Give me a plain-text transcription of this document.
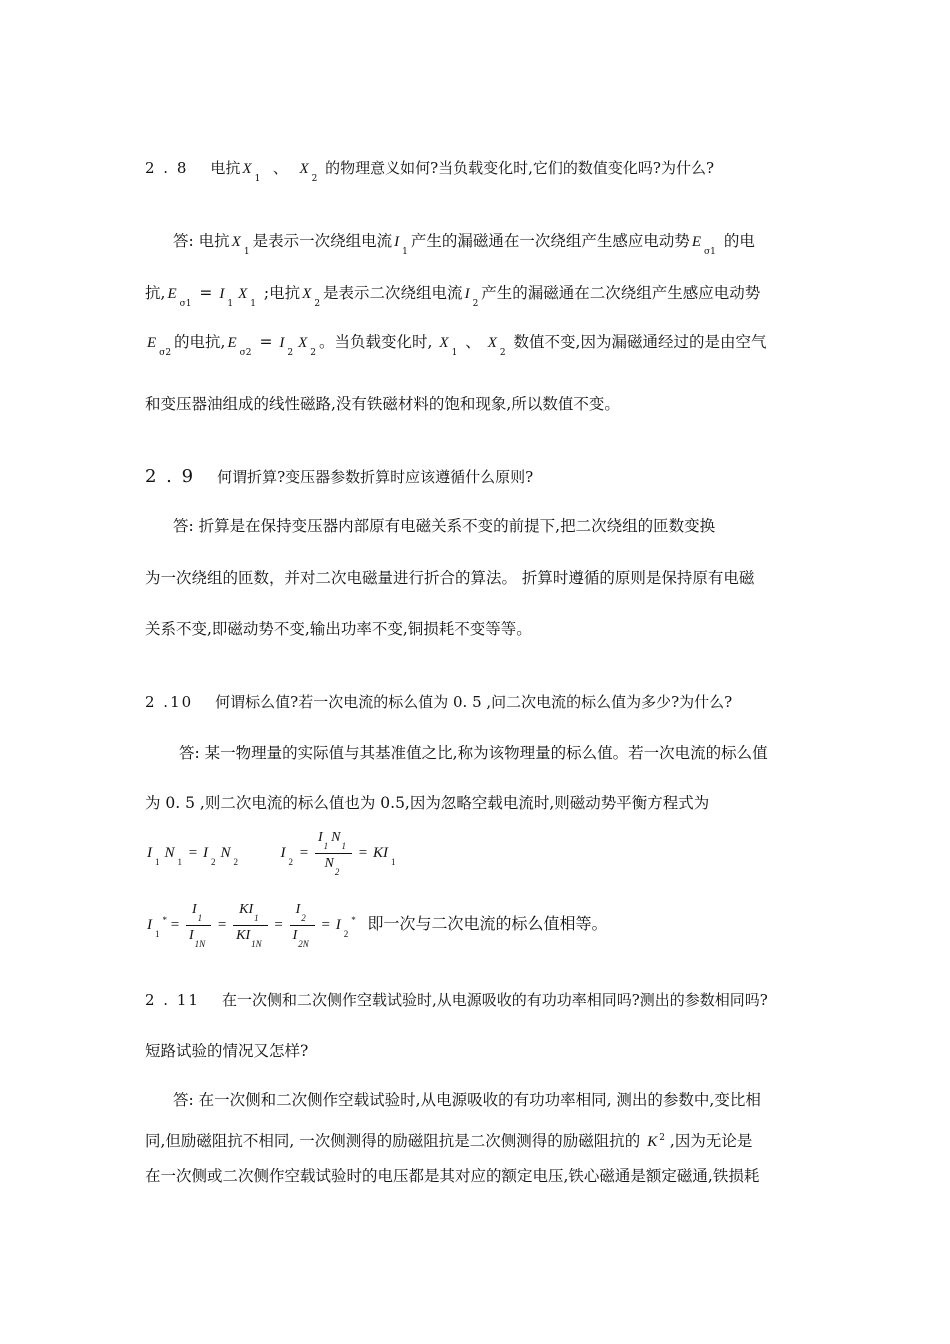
2 . 8 电抗 $X_1$  、 $X_2$ 的物理意义如何?当负载变化时,它们的数值变化吗?为什么?
答: 电抗 $X_1$是表示一次绕组电流 $I_1$产生的漏磁通在一次绕组产生感应电动势 $E_{\sigma 1}$ 的电
抗, $E_{\sigma 1} = I_1X_1$ ;电抗 $X_2$是表示二次绕组电流 $I_2$产生的漏磁通在二次绕组产生感应电动势
$E_{\sigma 2}$的电抗, $E_{\sigma 2} = I_2X_2$。当负载变化时, $X_1$ 、 $X_2$ 数值不变,因为漏磁通经过的是由空气
和变压器油组成的线性磁路,没有铁磁材料的饱和现象,所以数值不变。
2 . 9 何谓折算?变压器参数折算时应该遵循什么原则?
答: 折算是在保持变压器内部原有电磁关系不变的前提下,把二次绕组的匝数变换
为一次绕组的匝数，并对二次电磁量进行折合的算法。 折算时遵循的原则是保持原有电磁
关系不变,即磁动势不变,输出功率不变,铜损耗不变等等。
2 .10 何谓标么值?若一次电流的标么值为 0. 5 ,问二次电流的标么值为多少?为什么?
答: 某一物理量的实际值与其基准值之比,称为该物理量的标么值。若一次电流的标么值
为 0. 5 ,则二次电流的标么值也为 0.5,因为忽略空载电流时,则磁动势平衡方程式为
$I_1N_1 = I_2N_2$          $I_2 = \frac{I_1N_1}{N_2} = KI_1$
$I_1^* = \frac{I_1}{I_{1N}} = \frac{KI_1}{KI_{1N}} = \frac{I_2}{I_{2N}} = I_2^*$ 即一次与二次电流的标么值相等。
2 . 11 在一次侧和二次侧作空载试验时,从电源吸收的有功功率相同吗?测出的参数相同吗?
短路试验的情况又怎样?
答: 在一次侧和二次侧作空载试验时,从电源吸收的有功功率相同, 测出的参数中,变比相
同,但励磁阻抗不相同, 一次侧测得的励磁阻抗是二次侧测得的励磁阻抗的 K $^2$ ,因为无论是
在一次侧或二次侧作空载试验时的电压都是其对应的额定电压,铁心磁通是额定磁通,铁损耗
